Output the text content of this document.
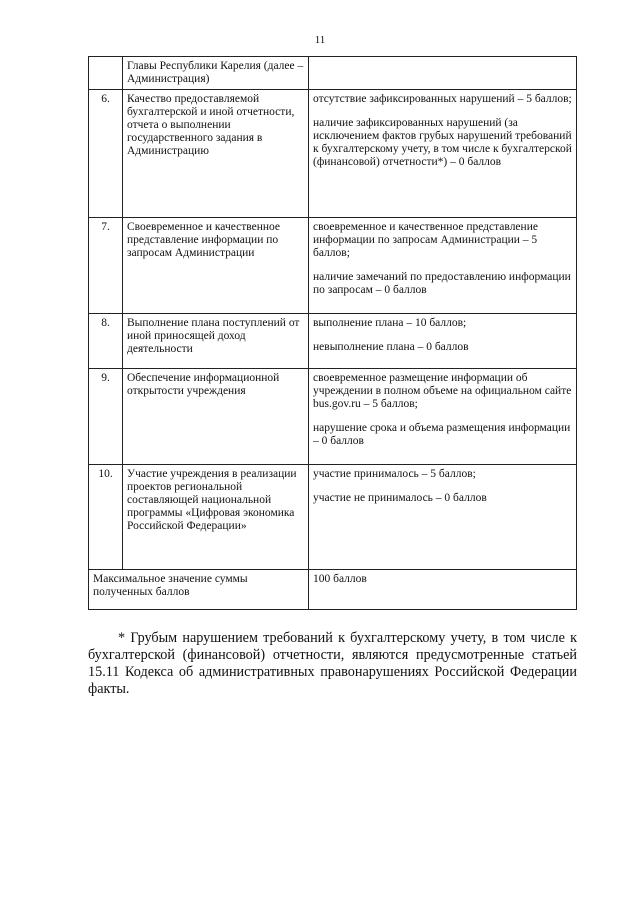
11
	Главы Республики Карелия (далее – Администрация)	

6.	Качество предоставляемой бухгалтерской и иной отчетности, отчета о выполнении государственного задания в Администрацию	отсутствие зафиксированных нарушений – 5 баллов;

наличие зафиксированных нарушений (за исключением фактов грубых нарушений требований к бухгалтерскому учету, в том числе к бухгалтерской (финансовой) отчетности*) – 0 баллов

7.	Своевременное и качественное представление информации по запросам Администрации	своевременное и качественное представление информации по запросам Администрации – 5 баллов;

наличие замечаний по предоставлению информации по запросам – 0 баллов

8.	Выполнение плана поступлений от иной приносящей доход деятельности	выполнение плана – 10 баллов;

невыполнение плана – 0 баллов

9.	Обеспечение информационной открытости учреждения	своевременное размещение информации об учреждении в полном объеме на официальном сайте bus.gov.ru – 5 баллов;

нарушение срока и объема размещения информации – 0 баллов

10.	Участие учреждения в реализации проектов региональной составляющей национальной программы «Цифровая экономика Российской Федерации»	участие принималось – 5 баллов;

участие не принималось – 0 баллов

Максимальное значение суммы полученных баллов		100 баллов

* Грубым нарушением требований к бухгалтерскому учету, в том числе к бухгалтерской (финансовой) отчетности, являются предусмотренные статьей 15.11 Кодекса об административных правонарушениях Российской Федерации факты.
